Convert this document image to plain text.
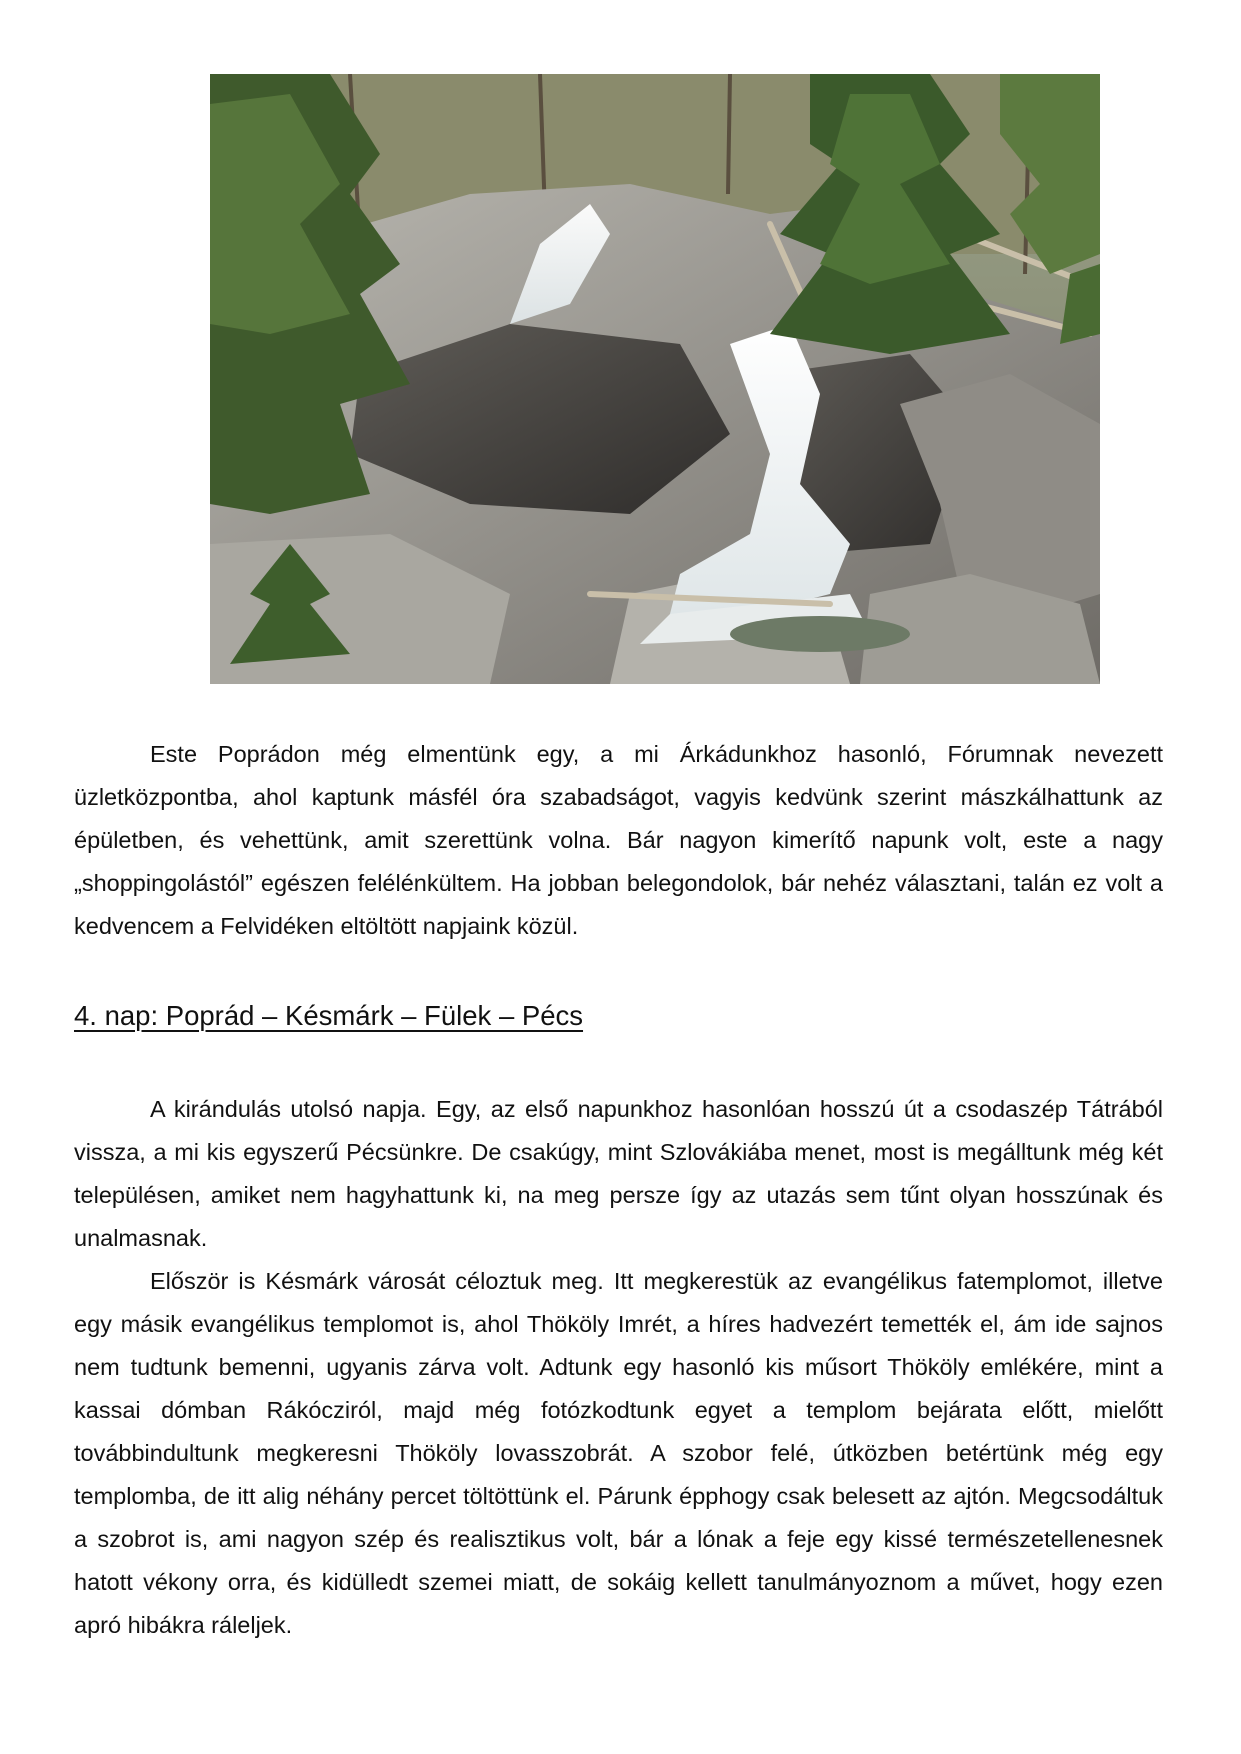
Este Poprádon még elmentünk egy, a mi Árkádunkhoz hasonló, Fórumnak nevezett üzletközpontba, ahol kaptunk másfél óra szabadságot, vagyis kedvünk szerint mászkálhattunk az épületben, és vehettünk, amit szerettünk volna. Bár nagyon kimerítő napunk volt, este a nagy „shoppingolástól” egészen felélénkültem. Ha jobban belegondolok, bár nehéz választani, talán ez volt a kedvencem a Felvidéken eltöltött napjaink közül.

4. nap: Poprád – Késmárk – Fülek – Pécs

A kirándulás utolsó napja. Egy, az első napunkhoz hasonlóan hosszú út a csodaszép Tátrából vissza, a mi kis egyszerű Pécsünkre. De csakúgy, mint Szlovákiába menet, most is megálltunk még két településen, amiket nem hagyhattunk ki, na meg persze így az utazás sem tűnt olyan hosszúnak és unalmasnak.

Először is Késmárk városát céloztuk meg. Itt megkerestük az evangélikus fatemplomot, illetve egy másik evangélikus templomot is, ahol Thököly Imrét, a híres hadvezért temették el, ám ide sajnos nem tudtunk bemenni, ugyanis zárva volt. Adtunk egy hasonló kis műsort Thököly emlékére, mint a kassai dómban Rákócziról, majd még fotózkodtunk egyet a templom bejárata előtt, mielőtt továbbindultunk megkeresni Thököly lovasszobrát. A szobor felé, útközben betértünk még egy templomba, de itt alig néhány percet töltöttünk el. Párunk épphogy csak belesett az ajtón. Megcsodáltuk a szobrot is, ami nagyon szép és realisztikus volt, bár a lónak a feje egy kissé természetellenesnek hatott vékony orra, és kidülledt szemei miatt, de sokáig kellett tanulmányoznom a művet, hogy ezen apró hibákra ráleljek.
